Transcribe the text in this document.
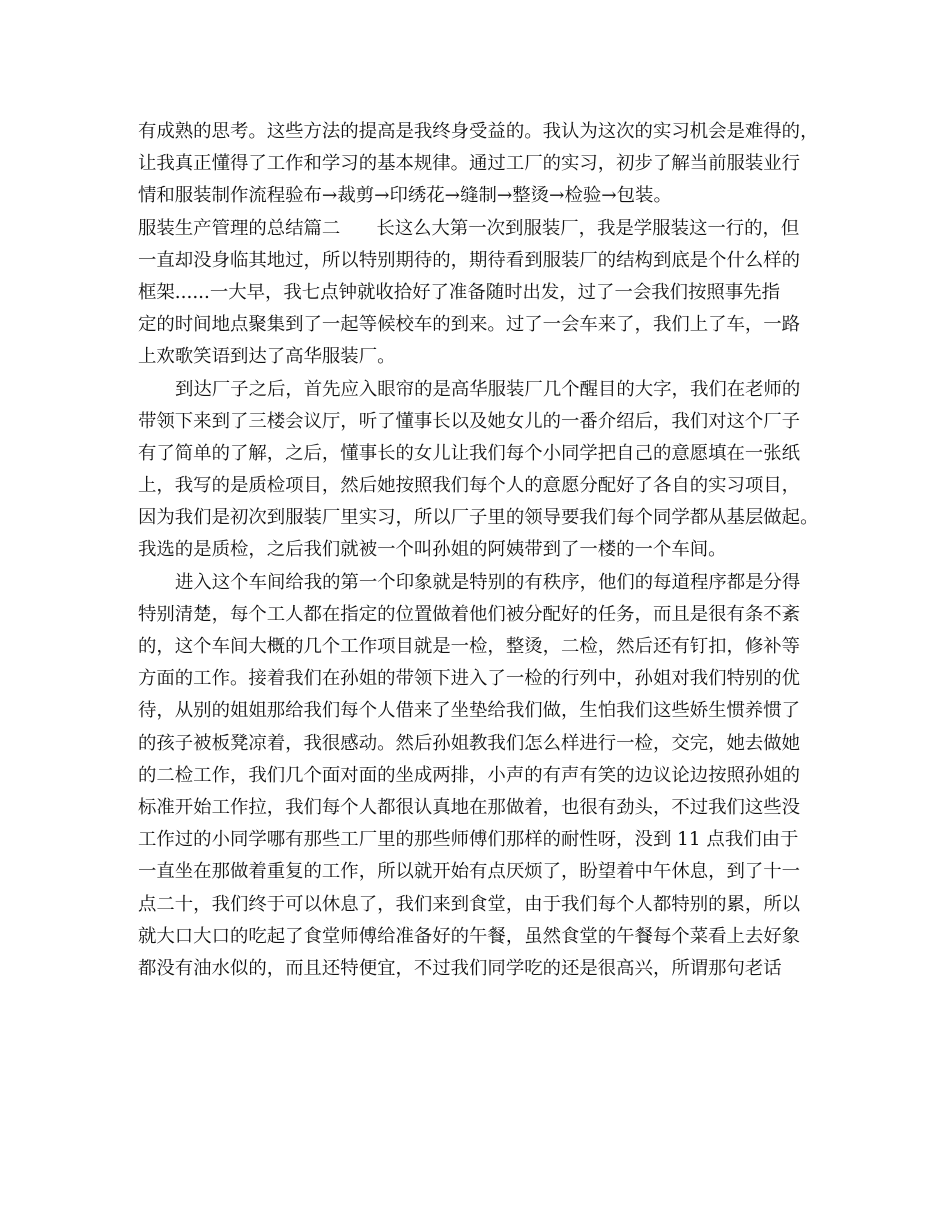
有成熟的思考。这些方法的提高是我终身受益的。我认为这次的实习机会是难得的，
让我真正懂得了工作和学习的基本规律。通过工厂的实习，初步了解当前服装业行
情和服装制作流程验布→裁剪→印绣花→缝制→整烫→检验→包装。
服装生产管理的总结篇二 长这么大第一次到服装厂，我是学服装这一行的，但
一直却没身临其地过，所以特别期待的，期待看到服装厂的结构到底是个什么样的
框架......一大早，我七点钟就收拾好了准备随时出发，过了一会我们按照事先指
定的时间地点聚集到了一起等候校车的到来。过了一会车来了，我们上了车，一路
上欢歌笑语到达了高华服装厂。
到达厂子之后，首先应入眼帘的是高华服装厂几个醒目的大字，我们在老师的
带领下来到了三楼会议厅，听了懂事长以及她女儿的一番介绍后，我们对这个厂子
有了简单的了解，之后，懂事长的女儿让我们每个小同学把自己的意愿填在一张纸
上，我写的是质检项目，然后她按照我们每个人的意愿分配好了各自的实习项目，
因为我们是初次到服装厂里实习，所以厂子里的领导要我们每个同学都从基层做起。
我选的是质检，之后我们就被一个叫孙姐的阿姨带到了一楼的一个车间。
进入这个车间给我的第一个印象就是特别的有秩序，他们的每道程序都是分得
特别清楚，每个工人都在指定的位置做着他们被分配好的任务，而且是很有条不紊
的，这个车间大概的几个工作项目就是一检，整烫，二检，然后还有钉扣，修补等
方面的工作。接着我们在孙姐的带领下进入了一检的行列中，孙姐对我们特别的优
待，从别的姐姐那给我们每个人借来了坐垫给我们做，生怕我们这些娇生惯养惯了
的孩子被板凳凉着，我很感动。然后孙姐教我们怎么样进行一检，交完，她去做她
的二检工作，我们几个面对面的坐成两排，小声的有声有笑的边议论边按照孙姐的
标准开始工作拉，我们每个人都很认真地在那做着，也很有劲头，不过我们这些没
工作过的小同学哪有那些工厂里的那些师傅们那样的耐性呀，没到 11 点我们由于
一直坐在那做着重复的工作，所以就开始有点厌烦了，盼望着中午休息，到了十一
点二十，我们终于可以休息了，我们来到食堂，由于我们每个人都特别的累，所以
就大口大口的吃起了食堂师傅给准备好的午餐，虽然食堂的午餐每个菜看上去好象
都没有油水似的，而且还特便宜，不过我们同学吃的还是很高兴，所谓那句老话
